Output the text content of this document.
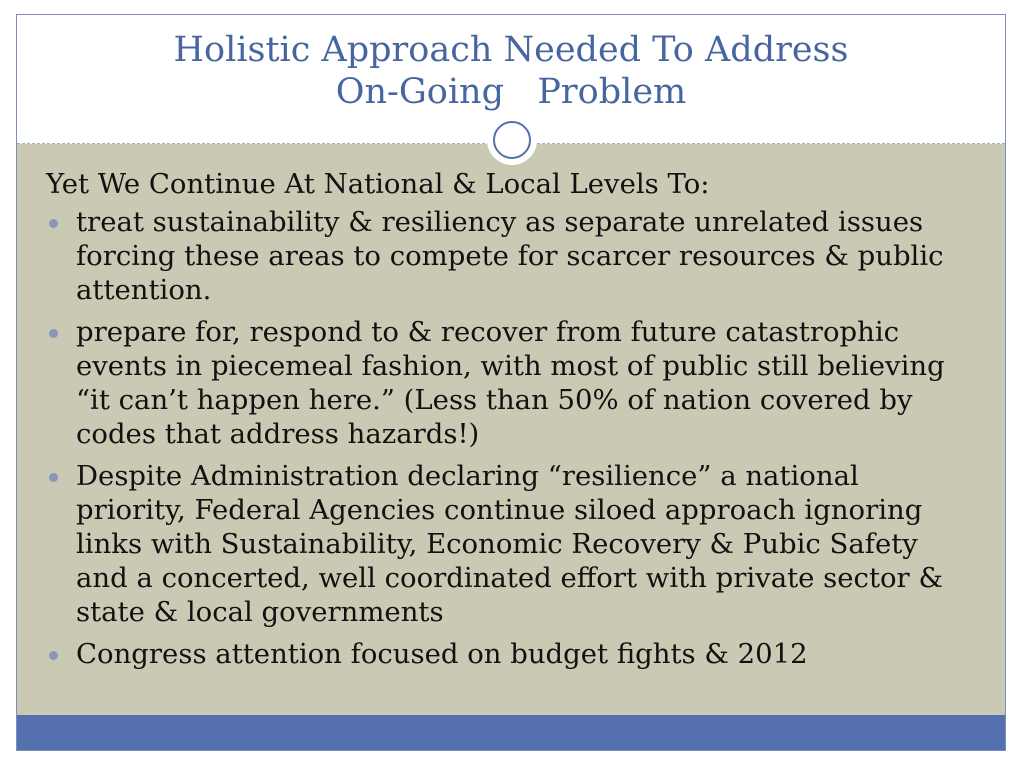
Holistic Approach Needed To Address
On-Going   Problem
Yet We Continue At National & Local Levels To:
treat sustainability & resiliency as separate unrelated issues forcing these areas to compete for scarcer resources & public attention.
prepare for, respond to & recover from future catastrophic events in piecemeal fashion, with most of public still believing “it can’t happen here.” (Less than 50% of nation covered by codes that address hazards!)
Despite Administration declaring “resilience” a national priority, Federal Agencies continue siloed approach ignoring links with Sustainability, Economic Recovery & Pubic Safety and a concerted, well coordinated effort with private sector & state & local governments
Congress attention focused on budget fights & 2012
